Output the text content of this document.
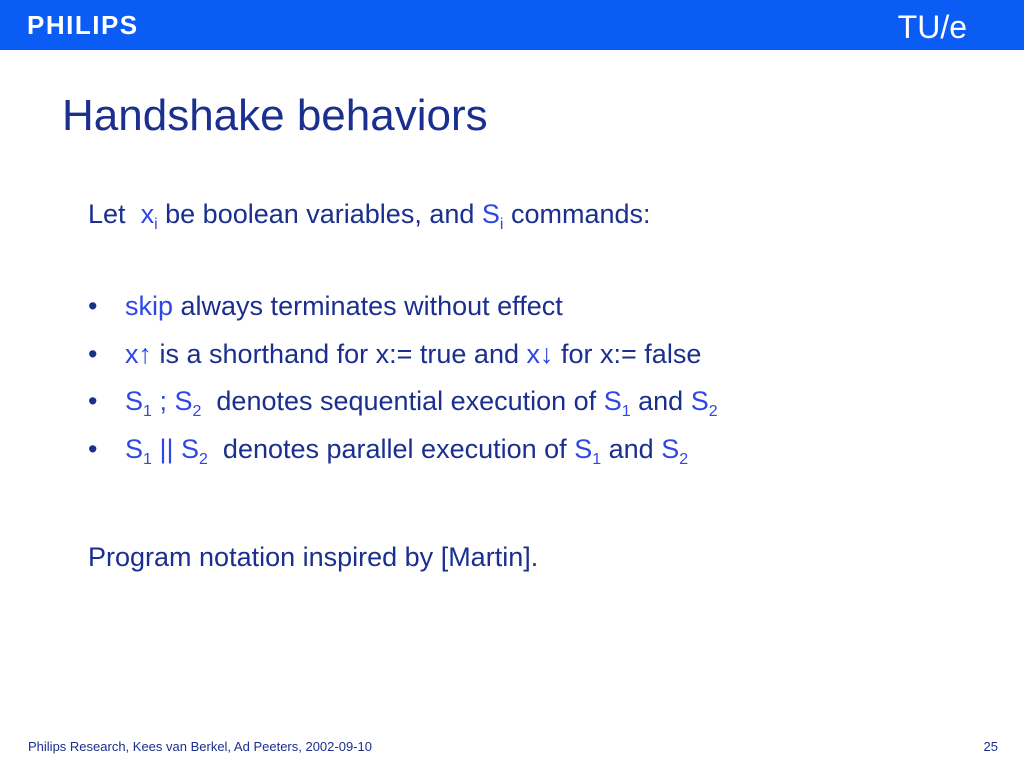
PHILIPS	TU/e
Handshake behaviors
Let $x_i$ be boolean variables, and $S_i$ commands:
• skip always terminates without effect
• x↑ is a shorthand for x:= true and x↓ for x:= false
• $S_1$ ; $S_2$ denotes sequential execution of $S_1$ and $S_2$
• $S_1$ || $S_2$ denotes parallel execution of $S_1$ and $S_2$
Program notation inspired by [Martin].
Philips Research, Kees van Berkel, Ad Peeters, 2002-09-10	25
